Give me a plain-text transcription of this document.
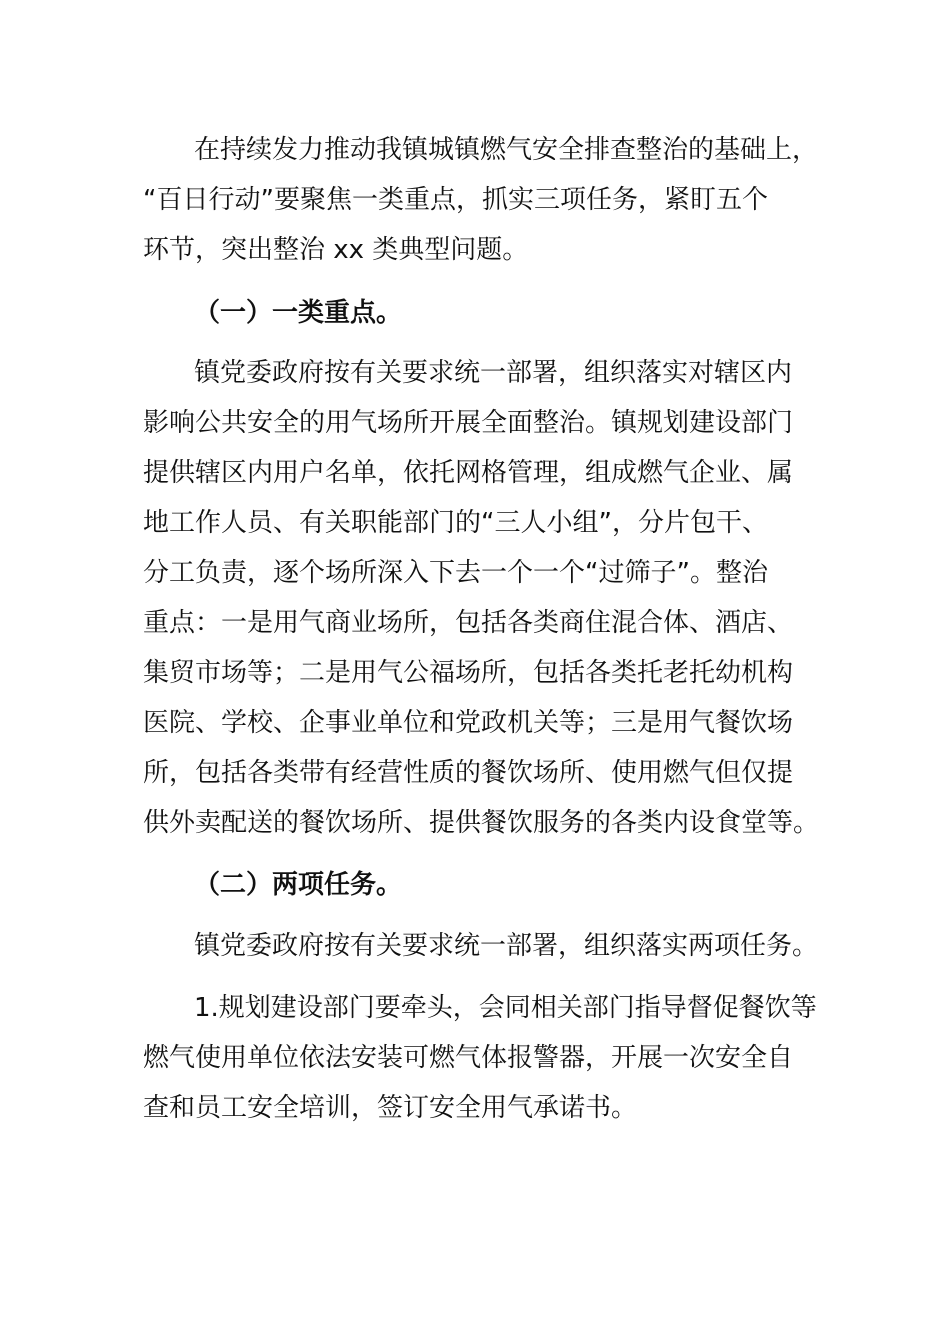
在持续发力推动我镇城镇燃气安全排查整治的基础上，
“百日行动”要聚焦一类重点，抓实三项任务，紧盯五个
环节，突出整治 xx 类典型问题。
（一）一类重点。
镇党委政府按有关要求统一部署，组织落实对辖区内
影响公共安全的用气场所开展全面整治。镇规划建设部门
提供辖区内用户名单，依托网格管理，组成燃气企业、属
地工作人员、有关职能部门的“三人小组”，分片包干、
分工负责，逐个场所深入下去一个一个“过筛子”。整治
重点：一是用气商业场所，包括各类商住混合体、酒店、
集贸市场等；二是用气公福场所，包括各类托老托幼机构
医院、学校、企事业单位和党政机关等；三是用气餐饮场
所，包括各类带有经营性质的餐饮场所、使用燃气但仅提
供外卖配送的餐饮场所、提供餐饮服务的各类内设食堂等。
（二）两项任务。
镇党委政府按有关要求统一部署，组织落实两项任务。
1.规划建设部门要牵头，会同相关部门指导督促餐饮等
燃气使用单位依法安装可燃气体报警器，开展一次安全自
查和员工安全培训，签订安全用气承诺书。
